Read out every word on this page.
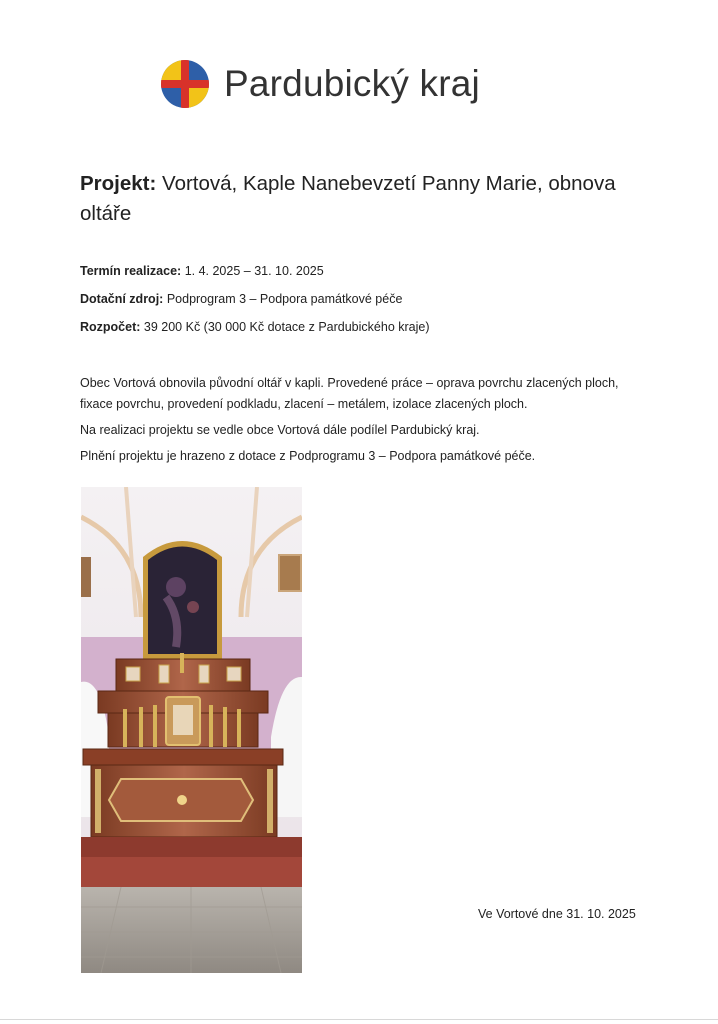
Pardubický kraj
Projekt: Vortová, Kaple Nanebevzetí Panny Marie, obnova oltáře
Termín realizace: 1. 4. 2025 – 31. 10. 2025
Dotační zdroj: Podprogram 3 – Podpora památkové péče
Rozpočet: 39 200 Kč (30 000 Kč dotace z Pardubického kraje)

Obec Vortová obnovila původní oltář v kapli. Provedené práce – oprava povrchu zlacených ploch, fixace povrchu, provedení podkladu, zlacení – metálem, izolace zlacených ploch.

Na realizaci projektu se vedle obce Vortová dále podílel Pardubický kraj.

Plnění projektu je hrazeno z dotace z Podprogramu 3 – Podpora památkové péče.

Ve Vortové dne 31. 10. 2025
